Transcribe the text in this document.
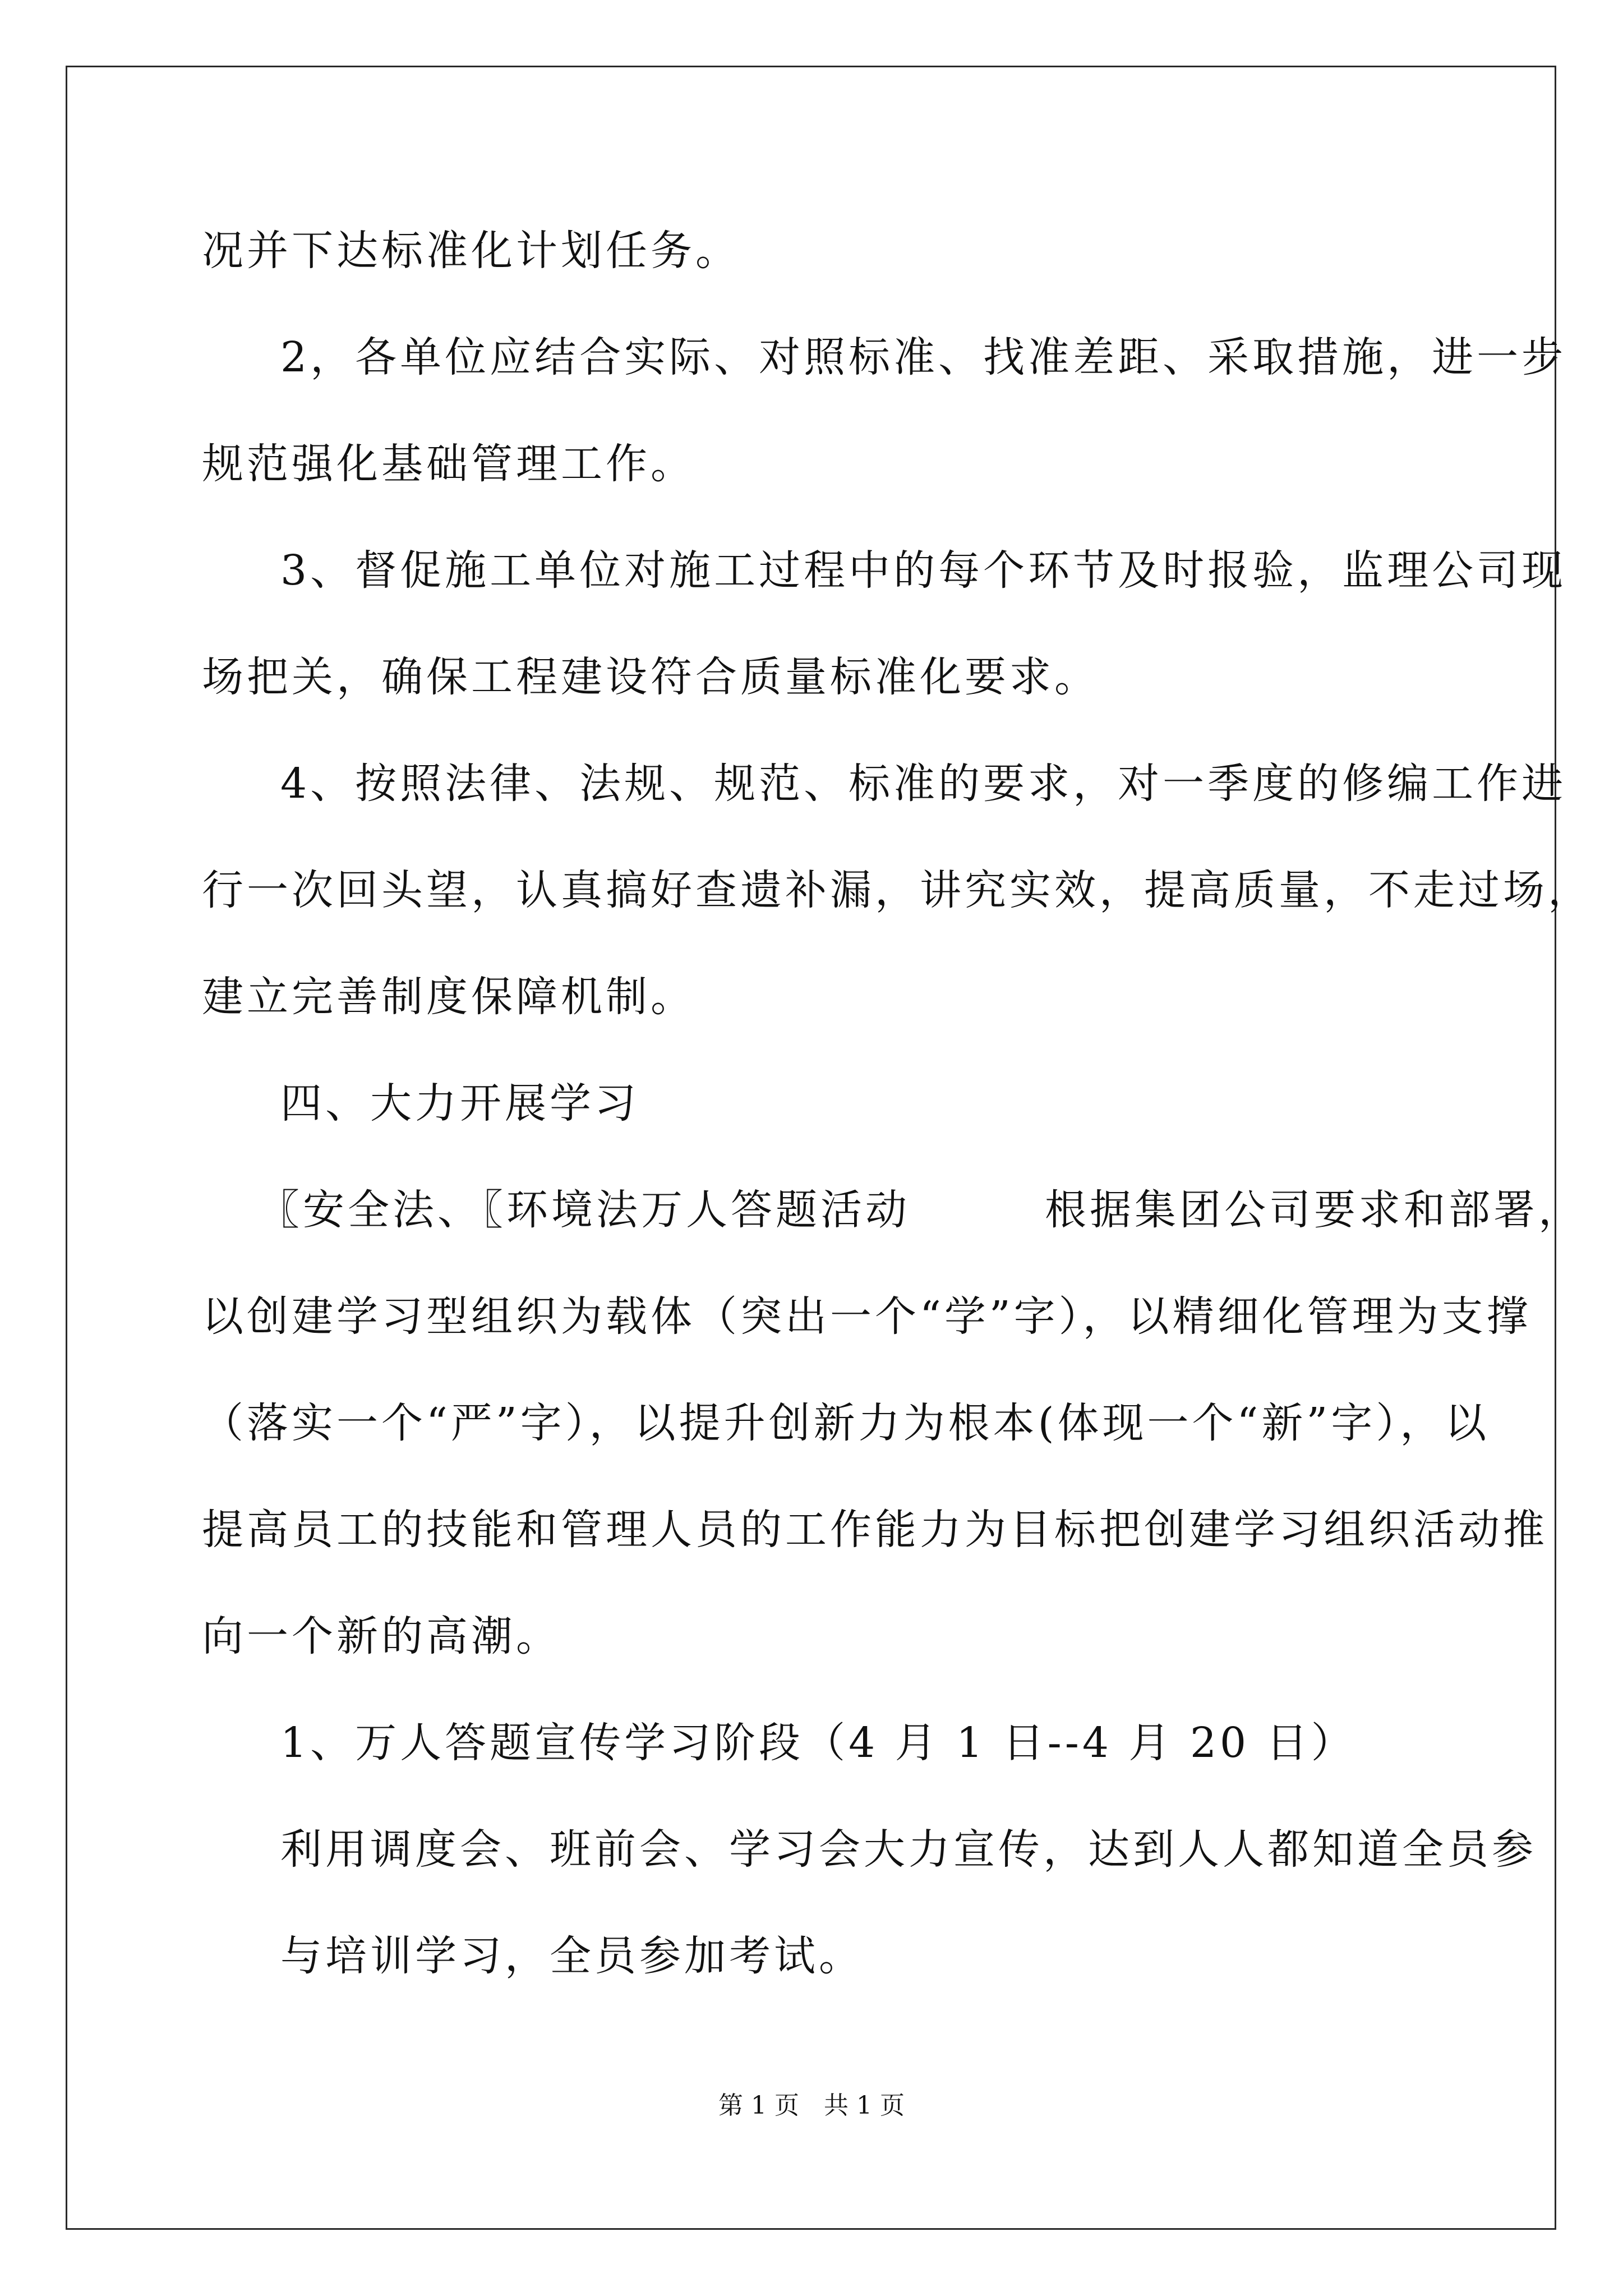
况并下达标准化计划任务。
2，各单位应结合实际、对照标准、找准差距、采取措施，进一步
规范强化基础管理工作。
3、督促施工单位对施工过程中的每个环节及时报验，监理公司现
场把关，确保工程建设符合质量标准化要求。
4、按照法律、法规、规范、标准的要求，对一季度的修编工作进
行一次回头望，认真搞好查遗补漏，讲究实效，提高质量，不走过场，
建立完善制度保障机制。
四、大力开展学习
〖安全法、〖环境法万人答题活动　　　根据集团公司要求和部署，
以创建学习型组织为载体（突出一个“学”字），以精细化管理为支撑
（落实一个“严”字），以提升创新力为根本(体现一个“新”字），以
提高员工的技能和管理人员的工作能力为目标把创建学习组织活动推
向一个新的高潮。
1、万人答题宣传学习阶段（4 月 1 日--4 月 20 日）
利用调度会、班前会、学习会大力宣传，达到人人都知道全员参
与培训学习，全员参加考试。
第 1 页　共 1 页
